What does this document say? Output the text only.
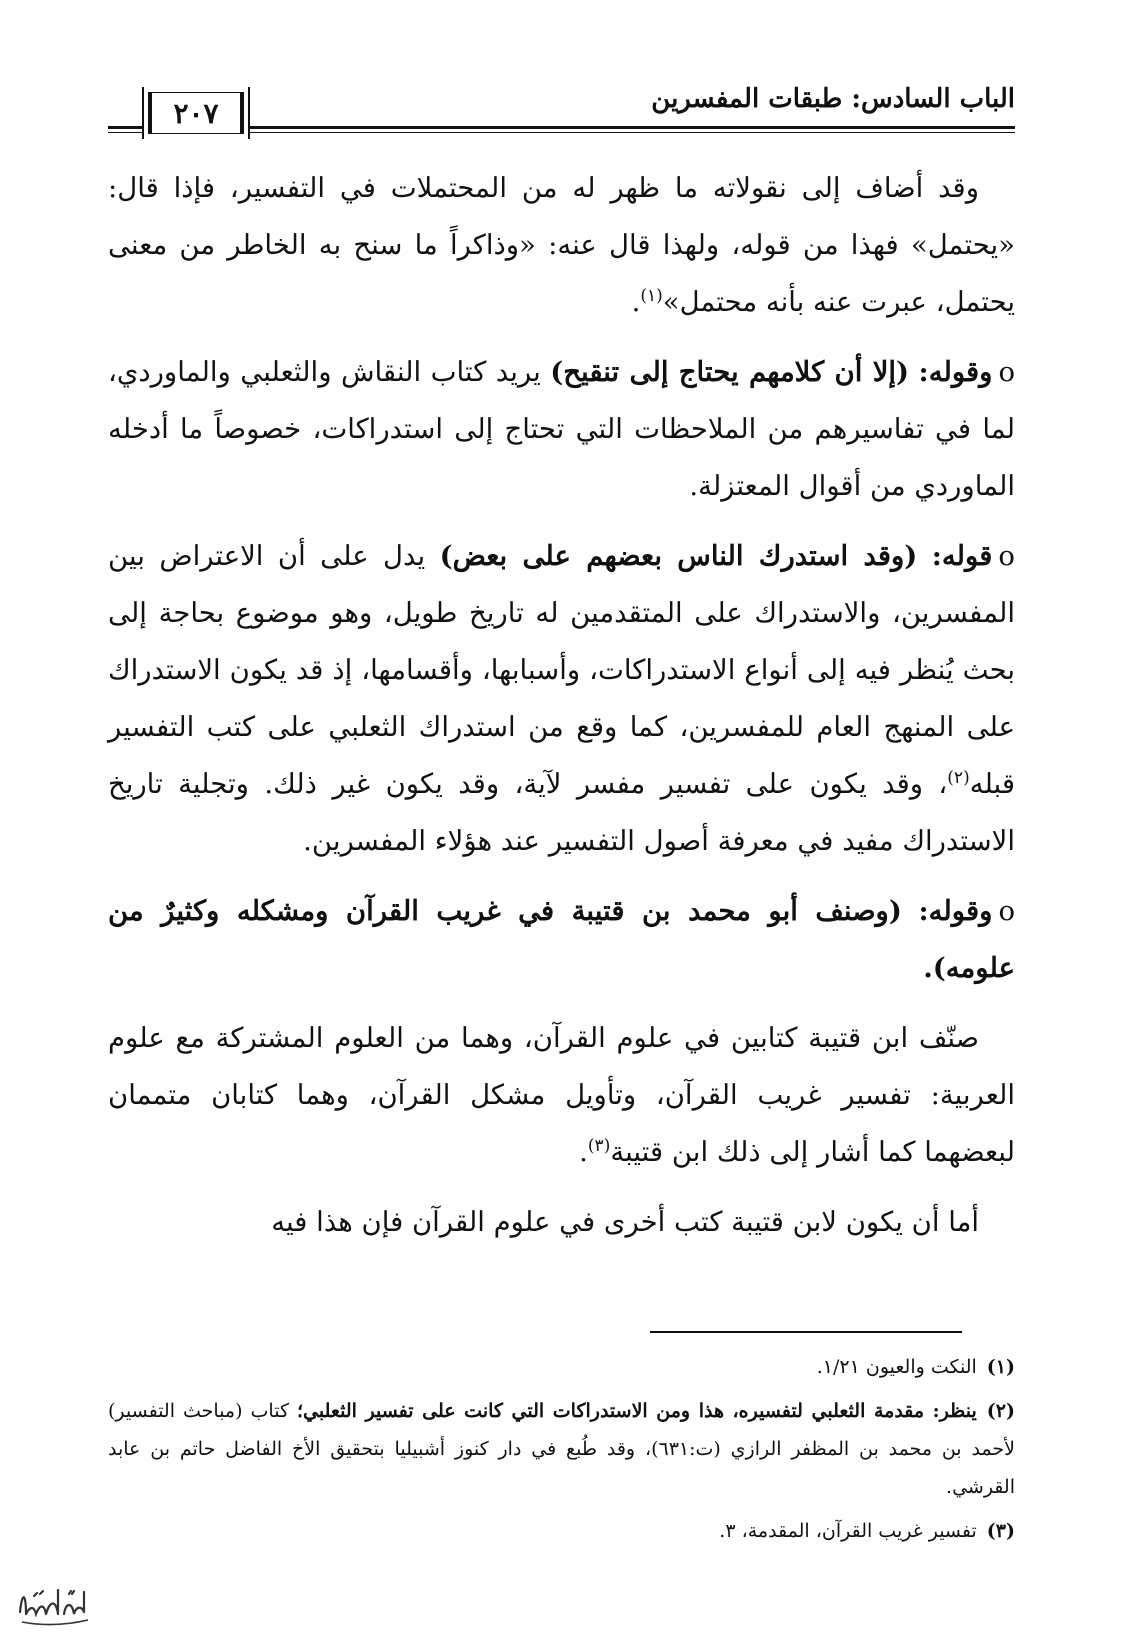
الباب السادس: طبقات المفسرين
٢٠٧

وقد أضاف إلى نقولاته ما ظهر له من المحتملات في التفسير، فإذا قال: «يحتمل» فهذا من قوله، ولهذا قال عنه: «وذاكراً ما سنح به الخاطر من معنى يحتمل، عبرت عنه بأنه محتمل»$^{(١)}$.

oوقوله: (إلا أن كلامهم يحتاج إلى تنقيح) يريد كتاب النقاش والثعلبي والماوردي، لما في تفاسيرهم من الملاحظات التي تحتاج إلى استدراكات، خصوصاً ما أدخله الماوردي من أقوال المعتزلة.

oقوله: (وقد استدرك الناس بعضهم على بعض) يدل على أن الاعتراض بين المفسرين، والاستدراك على المتقدمين له تاريخ طويل، وهو موضوع بحاجة إلى بحث يُنظر فيه إلى أنواع الاستدراكات، وأسبابها، وأقسامها، إذ قد يكون الاستدراك على المنهج العام للمفسرين، كما وقع من استدراك الثعلبي على كتب التفسير قبله$^{(٢)}$، وقد يكون على تفسير مفسر لآية، وقد يكون غير ذلك. وتجلية تاريخ الاستدراك مفيد في معرفة أصول التفسير عند هؤلاء المفسرين.

oوقوله: (وصنف أبو محمد بن قتيبة في غريب القرآن ومشكله وكثيرٌ من علومه).

صنّف ابن قتيبة كتابين في علوم القرآن، وهما من العلوم المشتركة مع علوم العربية: تفسير غريب القرآن، وتأويل مشكل القرآن، وهما كتابان متممان لبعضهما كما أشار إلى ذلك ابن قتيبة$^{(٣)}$.

أما أن يكون لابن قتيبة كتب أخرى في علوم القرآن فإن هذا فيه

(١)النكت والعيون ١/٢١.

(٢)ينظر: مقدمة الثعلبي لتفسيره، هذا ومن الاستدراكات التي كانت على تفسير الثعلبي؛ كتاب (مباحث التفسير) لأحمد بن محمد بن المظفر الرازي (ت:٦٣١)، وقد طُبع في دار كنوز أشبيليا بتحقيق الأخ الفاضل حاتم بن عابد القرشي.

(٣)تفسير غريب القرآن، المقدمة، ٣.
